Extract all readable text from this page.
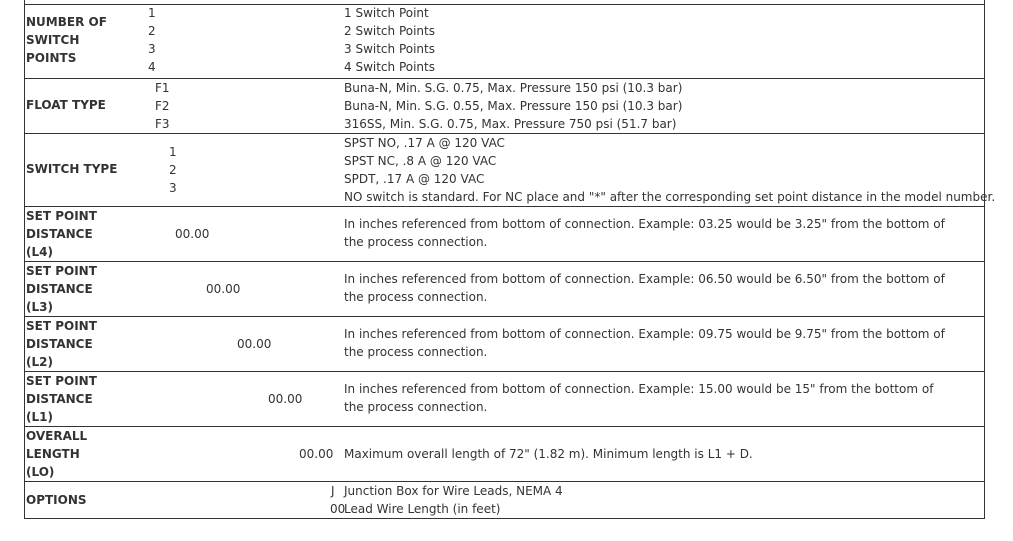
NUMBER OF
SWITCH
POINTS
1
2
3
4
1 Switch Point
2 Switch Points
3 Switch Points
4 Switch Points
FLOAT TYPE
F1
F2
F3
Buna-N, Min. S.G. 0.75, Max. Pressure 150 psi (10.3 bar)
Buna-N, Min. S.G. 0.55, Max. Pressure 150 psi (10.3 bar)
316SS, Min. S.G. 0.75, Max. Pressure 750 psi (51.7 bar)
SWITCH TYPE
1
2
3
SPST NO, .17 A @ 120 VAC
SPST NC, .8 A @ 120 VAC
SPDT, .17 A @ 120 VAC
NO switch is standard. For NC place and "*" after the corresponding set point distance in the model number.
SET POINT
DISTANCE
(L4)
00.00
In inches referenced from bottom of connection. Example: 03.25 would be 3.25" from the bottom of the process connection.
SET POINT
DISTANCE
(L3)
00.00
In inches referenced from bottom of connection. Example: 06.50 would be 6.50" from the bottom of the process connection.
SET POINT
DISTANCE
(L2)
00.00
In inches referenced from bottom of connection. Example: 09.75 would be 9.75" from the bottom of the process connection.
SET POINT
DISTANCE
(L1)
00.00
In inches referenced from bottom of connection. Example: 15.00 would be 15" from the bottom of the process connection.
OVERALL
LENGTH
(LO)
00.00 Maximum overall length of 72" (1.82 m). Minimum length is L1 + D.
OPTIONS
J
00
Junction Box for Wire Leads, NEMA 4
Lead Wire Length (in feet)
